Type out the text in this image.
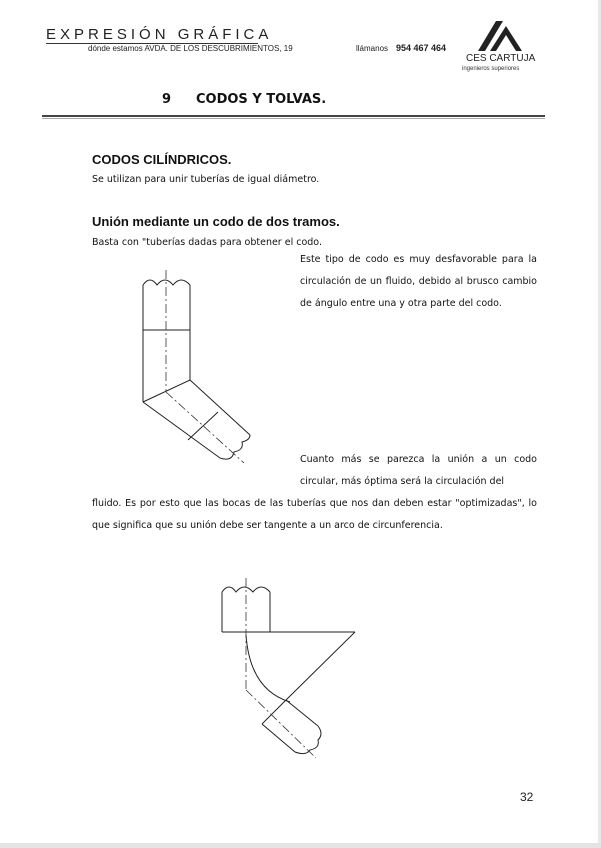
EXPRESIÓN GRÁFICA
dónde estamos AVDA. DE LOS DESCUBRIMIENTOS, 19	llámanos 954 467 464
CES CARTUJA
ingenieros superiores
9 CODOS Y TOLVAS.
CODOS CILÍNDRICOS.
Se utilizan para unir tuberías de igual diámetro.
Unión mediante un codo de dos tramos.
Basta con "tuberías dadas para obtener el codo.
Este tipo de codo es muy desfavorable para la circulación de un fluido, debido al brusco cambio de ángulo entre una y otra parte del codo.
Cuanto más se parezca la unión a un codo circular, más óptima será la circulación del
fluido. Es por esto que las bocas de las tuberías que nos dan deben estar "optimizadas", lo que significa que su unión debe ser tangente a un arco de circunferencia.
32
